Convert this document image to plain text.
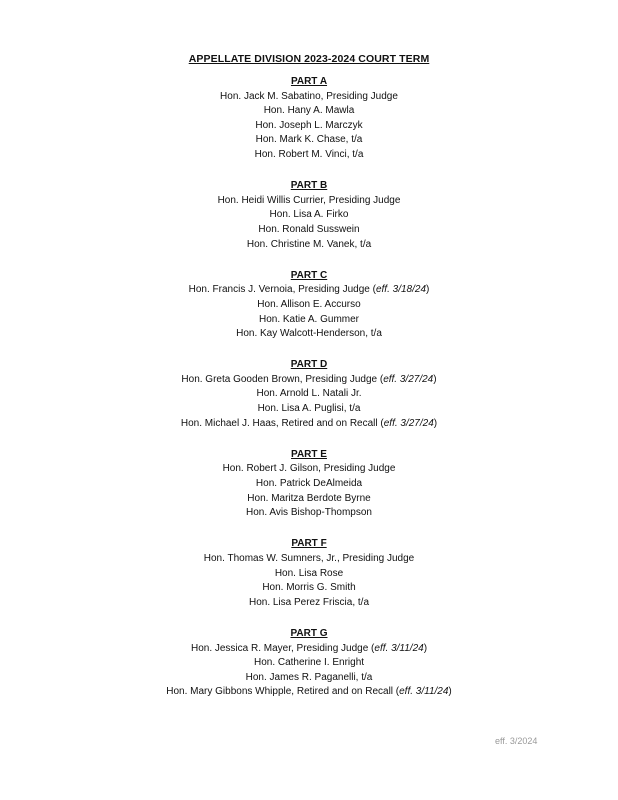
APPELLATE DIVISION 2023-2024 COURT TERM
PART A
Hon. Jack M. Sabatino, Presiding Judge
Hon. Hany A. Mawla
Hon. Joseph L. Marczyk
Hon. Mark K. Chase, t/a
Hon. Robert M. Vinci, t/a
PART B
Hon. Heidi Willis Currier, Presiding Judge
Hon. Lisa A. Firko
Hon. Ronald Susswein
Hon. Christine M. Vanek, t/a
PART C
Hon. Francis J. Vernoia, Presiding Judge (eff. 3/18/24)
Hon. Allison E. Accurso
Hon. Katie A. Gummer
Hon. Kay Walcott-Henderson, t/a
PART D
Hon. Greta Gooden Brown, Presiding Judge (eff. 3/27/24)
Hon. Arnold L. Natali Jr.
Hon. Lisa A. Puglisi, t/a
Hon. Michael J. Haas, Retired and on Recall (eff. 3/27/24)
PART E
Hon. Robert J. Gilson, Presiding Judge
Hon. Patrick DeAlmeida
Hon. Maritza Berdote Byrne
Hon. Avis Bishop-Thompson
PART F
Hon. Thomas W. Sumners, Jr., Presiding Judge
Hon. Lisa Rose
Hon. Morris G. Smith
Hon. Lisa Perez Friscia, t/a
PART G
Hon. Jessica R. Mayer, Presiding Judge (eff. 3/11/24)
Hon. Catherine I. Enright
Hon. James R. Paganelli, t/a
Hon. Mary Gibbons Whipple, Retired and on Recall (eff. 3/11/24)
eff. 3/2024
